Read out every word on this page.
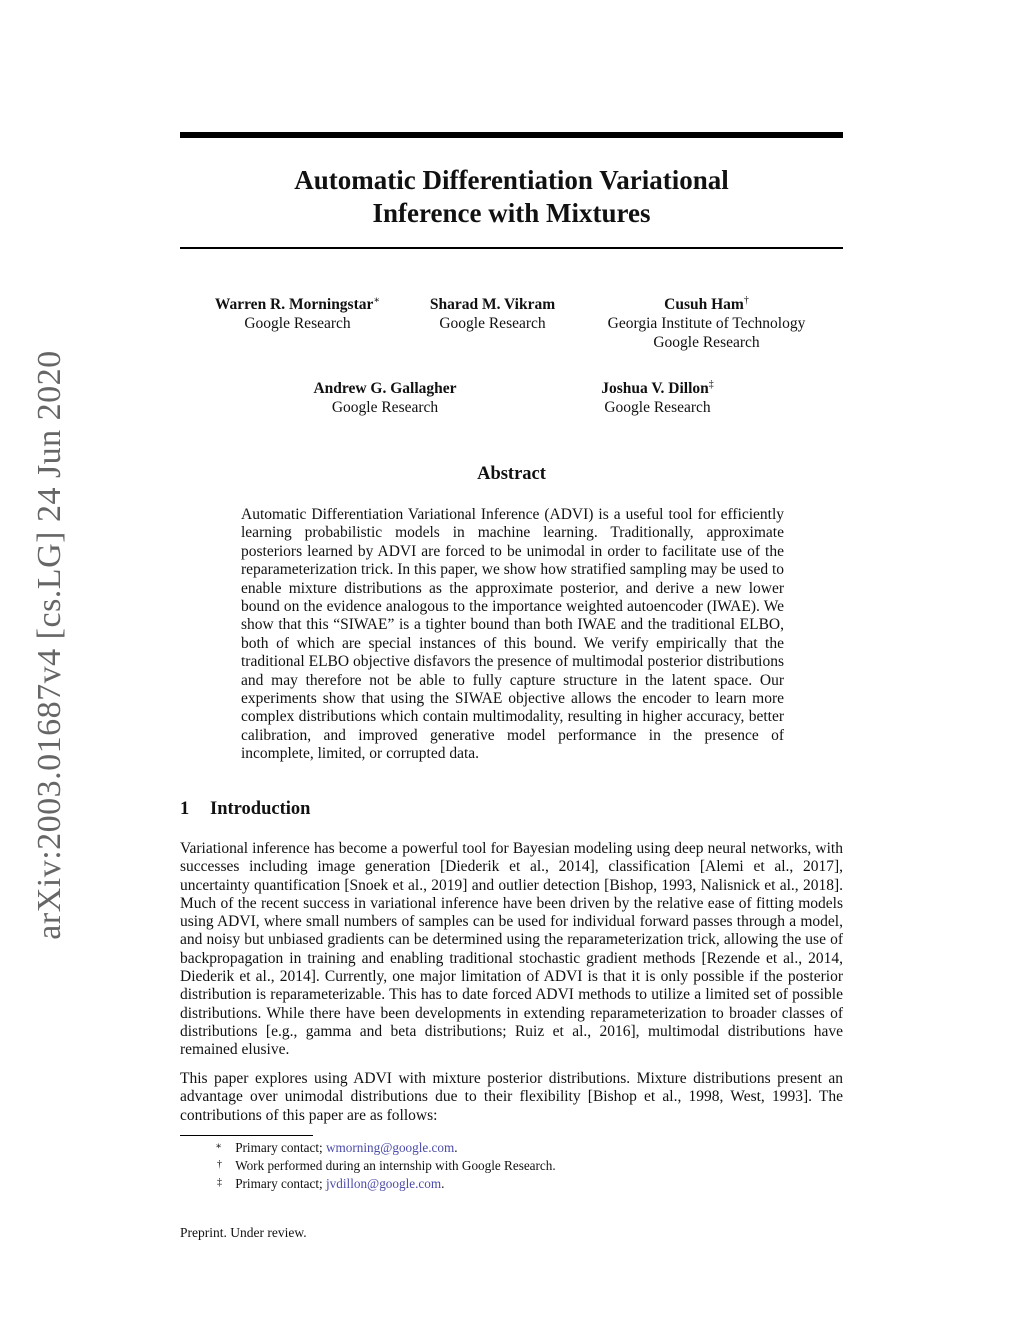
arXiv:2003.01687v4 [cs.LG] 24 Jun 2020
Automatic Differentiation Variational
Inference with Mixtures
Warren R. Morningstar∗
Google Research
Sharad M. Vikram
Google Research
Cusuh Ham†
Georgia Institute of Technology
Google Research
Andrew G. Gallagher
Google Research
Joshua V. Dillon‡
Google Research
Abstract
Automatic Differentiation Variational Inference (ADVI) is a useful tool for efficiently learning probabilistic models in machine learning. Traditionally, approximate posteriors learned by ADVI are forced to be unimodal in order to facilitate use of the reparameterization trick. In this paper, we show how stratified sampling may be used to enable mixture distributions as the approximate posterior, and derive a new lower bound on the evidence analogous to the importance weighted autoencoder (IWAE). We show that this “SIWAE” is a tighter bound than both IWAE and the traditional ELBO, both of which are special instances of this bound. We verify empirically that the traditional ELBO objective disfavors the presence of multimodal posterior distributions and may therefore not be able to fully capture structure in the latent space. Our experiments show that using the SIWAE objective allows the encoder to learn more complex distributions which contain multimodality, resulting in higher accuracy, better calibration, and improved generative model performance in the presence of incomplete, limited, or corrupted data.
1 Introduction
Variational inference has become a powerful tool for Bayesian modeling using deep neural networks, with successes including image generation [Diederik et al., 2014], classification [Alemi et al., 2017], uncertainty quantification [Snoek et al., 2019] and outlier detection [Bishop, 1993, Nalisnick et al., 2018]. Much of the recent success in variational inference have been driven by the relative ease of fitting models using ADVI, where small numbers of samples can be used for individual forward passes through a model, and noisy but unbiased gradients can be determined using the reparameterization trick, allowing the use of backpropagation in training and enabling traditional stochastic gradient methods [Rezende et al., 2014, Diederik et al., 2014]. Currently, one major limitation of ADVI is that it is only possible if the posterior distribution is reparameterizable. This has to date forced ADVI methods to utilize a limited set of possible distributions. While there have been developments in extending reparameterization to broader classes of distributions [e.g., gamma and beta distributions; Ruiz et al., 2016], multimodal distributions have remained elusive.
This paper explores using ADVI with mixture posterior distributions. Mixture distributions present an advantage over unimodal distributions due to their flexibility [Bishop et al., 1998, West, 1993]. The contributions of this paper are as follows:
∗ Primary contact; wmorning@google.com.
† Work performed during an internship with Google Research.
‡ Primary contact; jvdillon@google.com.
Preprint. Under review.
